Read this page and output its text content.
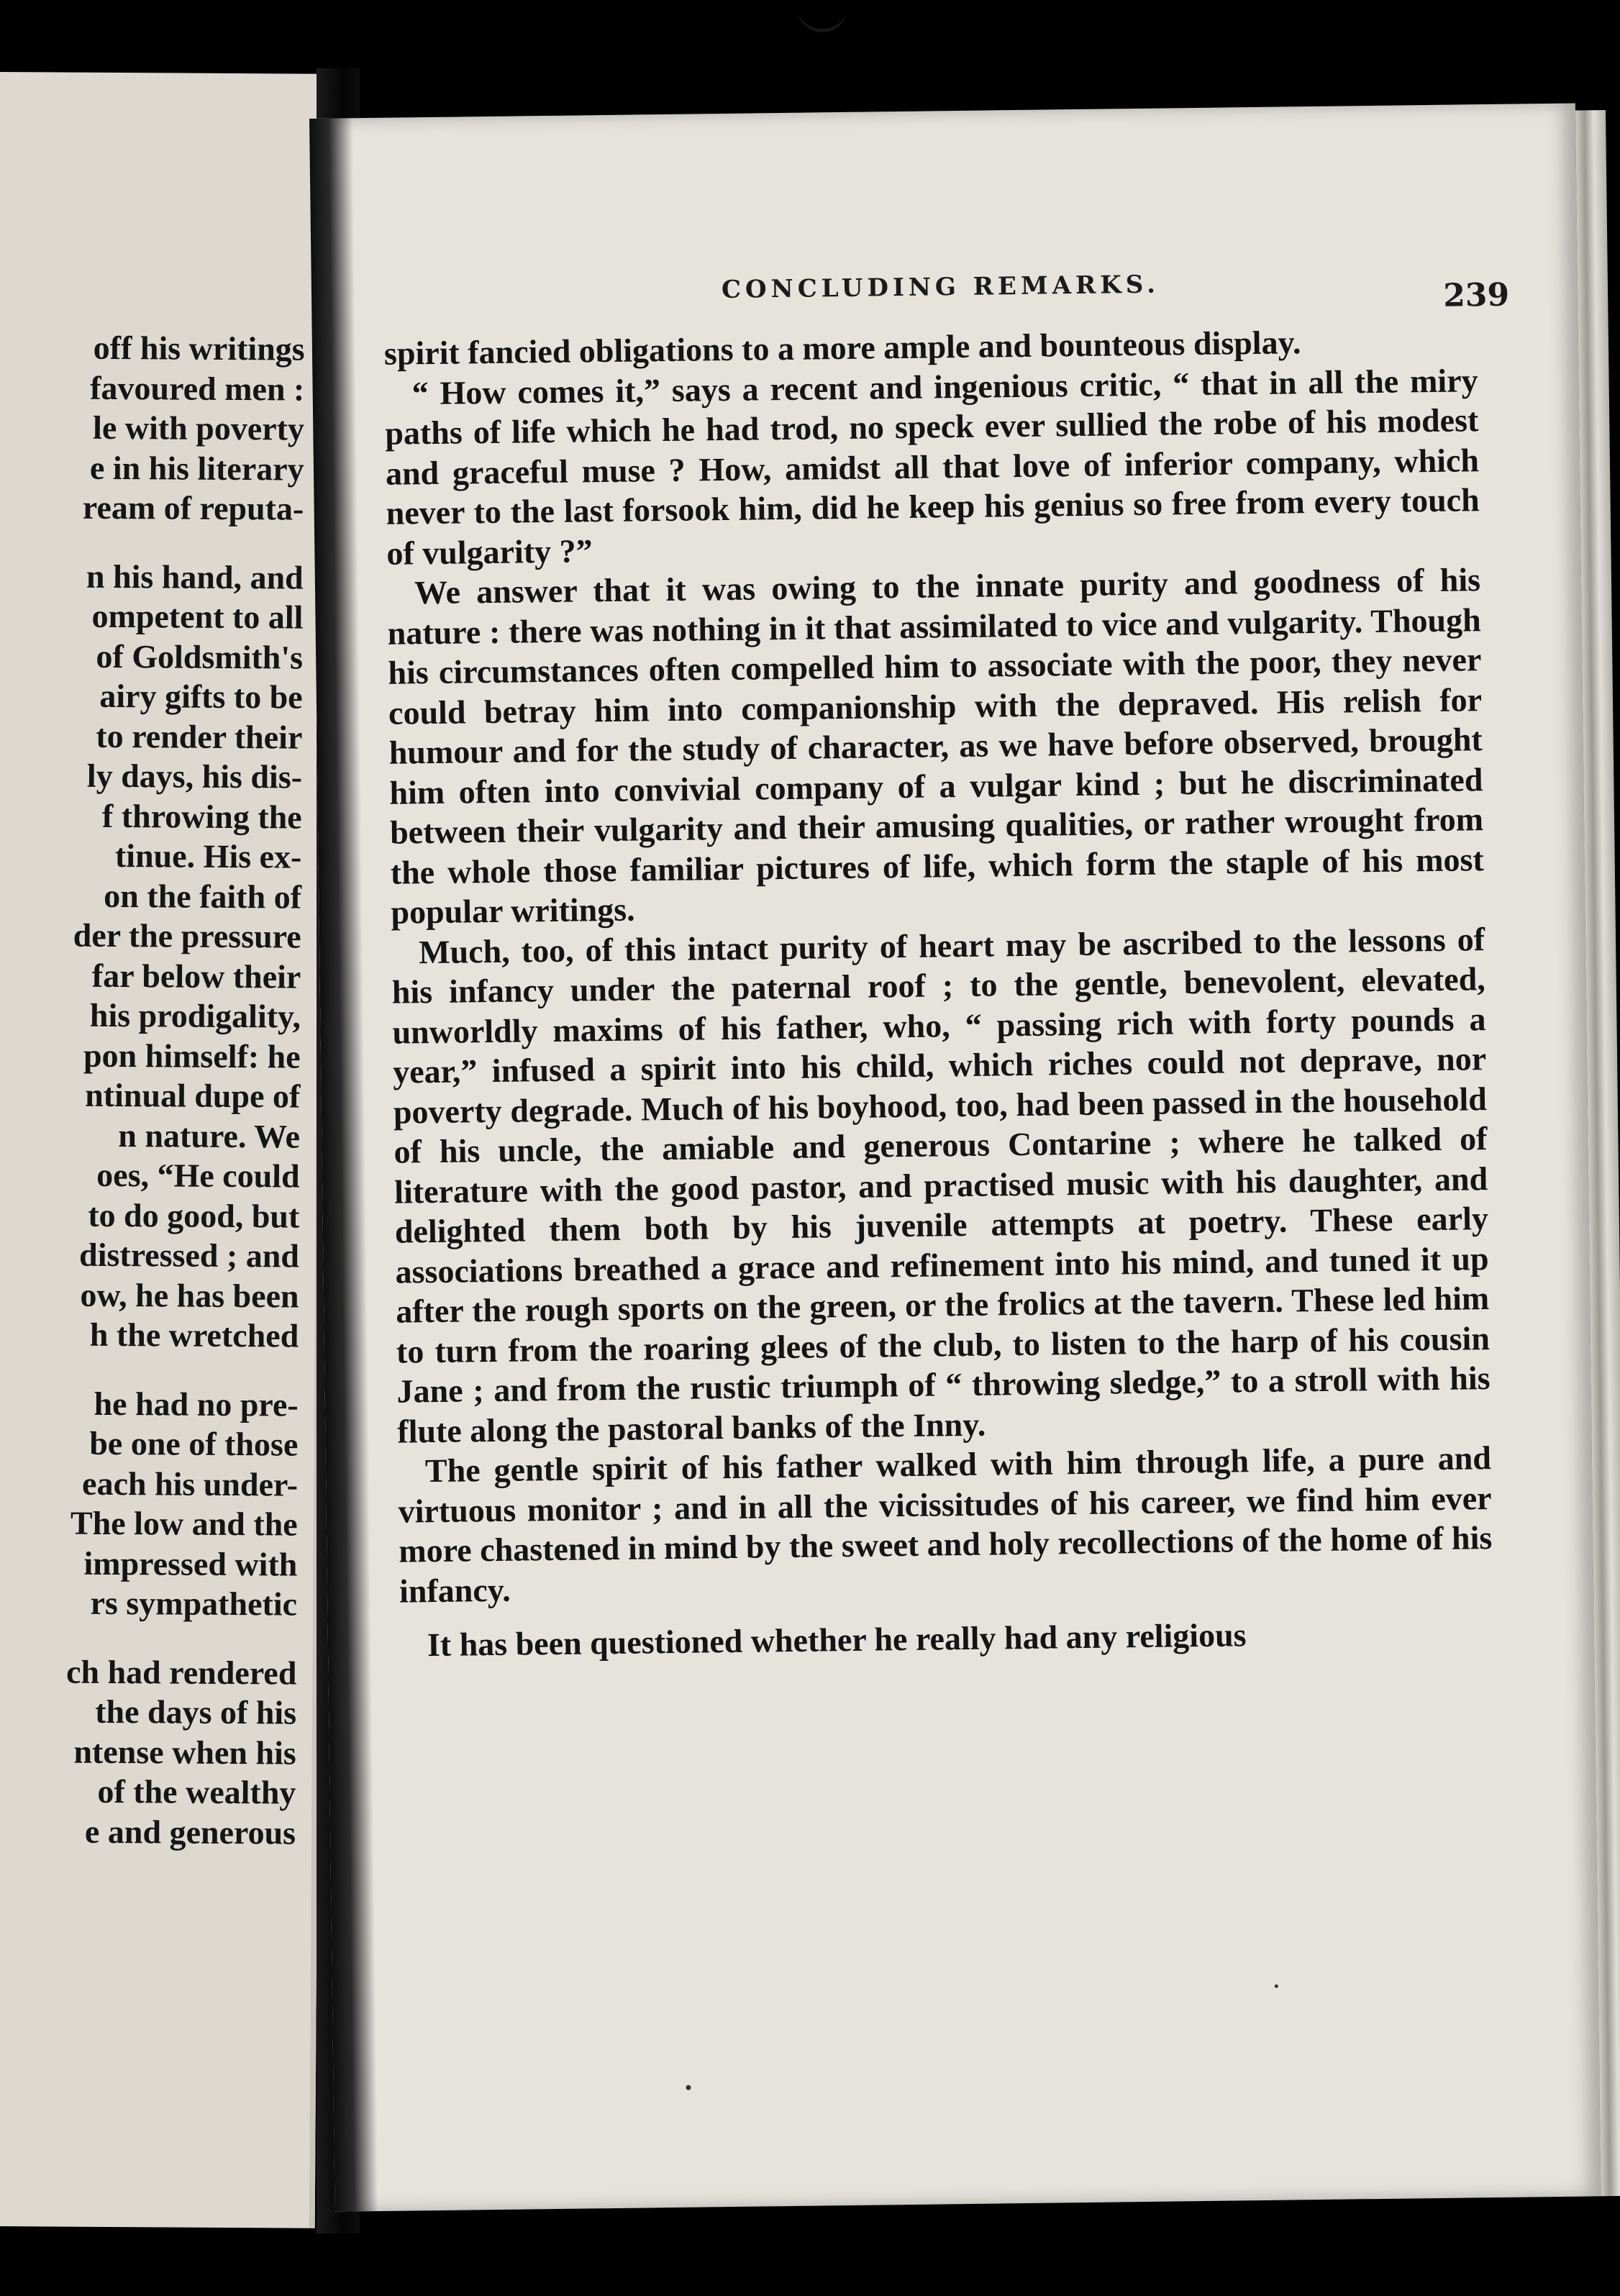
off his writings
favoured men :
le with poverty
e in his literary
ream of reputa-
n his hand, and
ompetent to all
of Goldsmith's
airy gifts to be
to render their
ly days, his dis-
f throwing the
tinue. His ex-
on the faith of
der the pressure
far below their
his prodigality,
pon himself: he
ntinual dupe of
n nature. We
oes, “He could
to do good, but
distressed ; and
ow, he has been
h the wretched
he had no pre-
be one of those
each his under-
The low and the
impressed with
rs sympathetic
ch had rendered
the days of his
ntense when his
of the wealthy
e and generous
CONCLUDING REMARKS.	239

spirit fancied obligations to a more ample and bounteous display.

“ How comes it,” says a recent and ingenious critic, “ that in all the miry paths of life which he had trod, no speck ever sullied the robe of his modest and graceful muse ? How, amidst all that love of inferior company, which never to the last forsook him, did he keep his genius so free from every touch of vulgarity ?”

We answer that it was owing to the innate purity and goodness of his nature : there was nothing in it that assimilated to vice and vulgarity. Though his circumstances often compelled him to associate with the poor, they never could betray him into companionship with the depraved. His relish for humour and for the study of character, as we have before observed, brought him often into convivial company of a vulgar kind ; but he discriminated between their vulgarity and their amusing qualities, or rather wrought from the whole those familiar pictures of life, which form the staple of his most popular writings.

Much, too, of this intact purity of heart may be ascribed to the lessons of his infancy under the paternal roof ; to the gentle, benevolent, elevated, unworldly maxims of his father, who, “ passing rich with forty pounds a year,” infused a spirit into his child, which riches could not deprave, nor poverty degrade. Much of his boyhood, too, had been passed in the household of his uncle, the amiable and generous Contarine ; where he talked of literature with the good pastor, and practised music with his daughter, and delighted them both by his juvenile attempts at poetry. These early associations breathed a grace and refinement into his mind, and tuned it up after the rough sports on the green, or the frolics at the tavern. These led him to turn from the roaring glees of the club, to listen to the harp of his cousin Jane ; and from the rustic triumph of “ throwing sledge,” to a stroll with his flute along the pastoral banks of the Inny.

The gentle spirit of his father walked with him through life, a pure and virtuous monitor ; and in all the vicissitudes of his career, we find him ever more chastened in mind by the sweet and holy recollections of the home of his infancy.

It has been questioned whether he really had any religious
